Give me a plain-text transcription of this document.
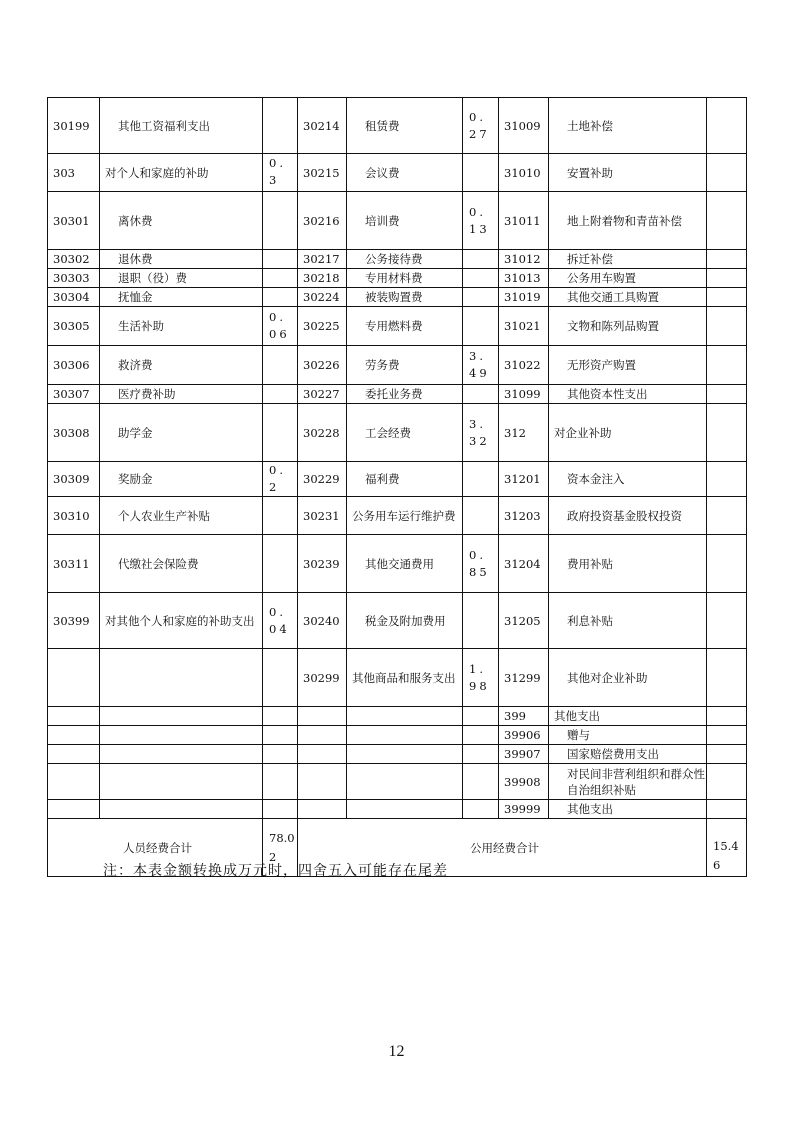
30199	其他工资福利支出		30214	租赁费	0.27	31009	土地补偿	
303	对个人和家庭的补助	0.3	30215	会议费		31010	安置补助	
30301	离休费		30216	培训费	0.13	31011	地上附着物和青苗补偿	
30302	退休费		30217	公务接待费		31012	拆迁补偿	
30303	退职（役）费		30218	专用材料费		31013	公务用车购置	
30304	抚恤金		30224	被装购置费		31019	其他交通工具购置	
30305	生活补助	0.06	30225	专用燃料费		31021	文物和陈列品购置	
30306	救济费		30226	劳务费	3.49	31022	无形资产购置	
30307	医疗费补助		30227	委托业务费		31099	其他资本性支出	
30308	助学金		30228	工会经费	3.32	312	对企业补助	
30309	奖励金	0.2	30229	福利费		31201	资本金注入	
30310	个人农业生产补贴		30231	公务用车运行维护费		31203	政府投资基金股权投资	
30311	代缴社会保险费		30239	其他交通费用	0.85	31204	费用补贴	
30399	对其他个人和家庭的补助支出	0.04	30240	税金及附加费用		31205	利息补贴	
			30299	其他商品和服务支出	1.98	31299	其他对企业补助	
						399	其他支出	
						39906	赠与	
						39907	国家赔偿费用支出	
						39908	对民间非营利组织和群众性自治组织补贴	
						39999	其他支出	
人员经费合计		78.02	公用经费合计					15.46
注：本表金额转换成万元时，四舍五入可能存在尾差
12
